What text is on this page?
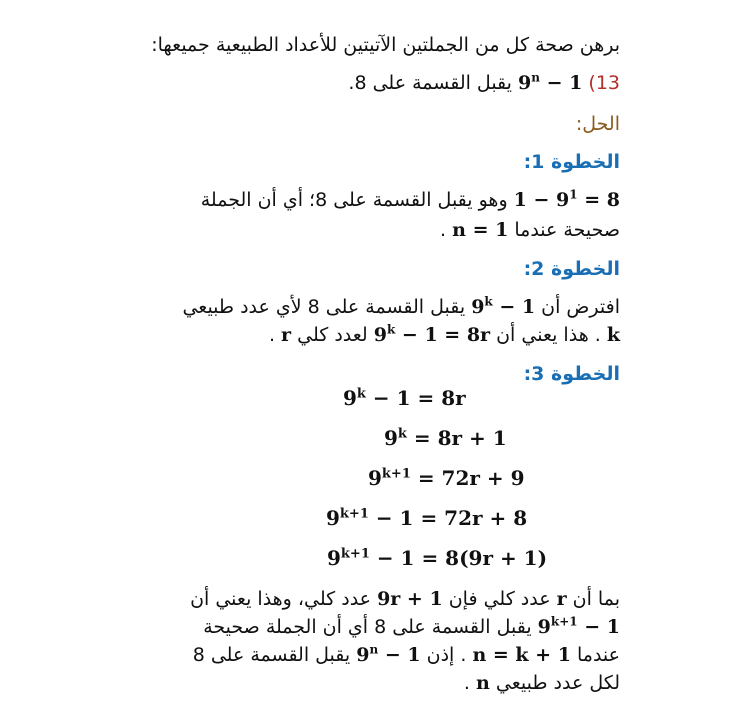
برهن صحة كل من الجملتين الآتيتين للأعداد الطبيعية جميعها:
13) $9^n - 1$ يقبل القسمة على 8.
الحل:
الخطوة 1:
$1 - 9^1 = 8$ وهو يقبل القسمة على 8؛ أي أن الجملة
صحيحة عندما n = 1 .
الخطوة 2:
افترض أن $9^k - 1$ يقبل القسمة على 8 لأي عدد طبيعي
k . هذا يعني أن $9^k - 1 = 8r$ لعدد كلي r .
الخطوة 3:
$9^k - 1 = 8r$
$9^k = 8r + 1$
$9^{k+1} = 72r + 9$
$9^{k+1} - 1 = 72r + 8$
$9^{k+1} - 1 = 8(9r + 1)$
بما أن r عدد كلي فإن 9r + 1 عدد كلي، وهذا يعني أن
$9^{k+1} - 1$ يقبل القسمة على 8 أي أن الجملة صحيحة
عندما n = k + 1 . إذن $9^n - 1$ يقبل القسمة على 8
لكل عدد طبيعي n .
